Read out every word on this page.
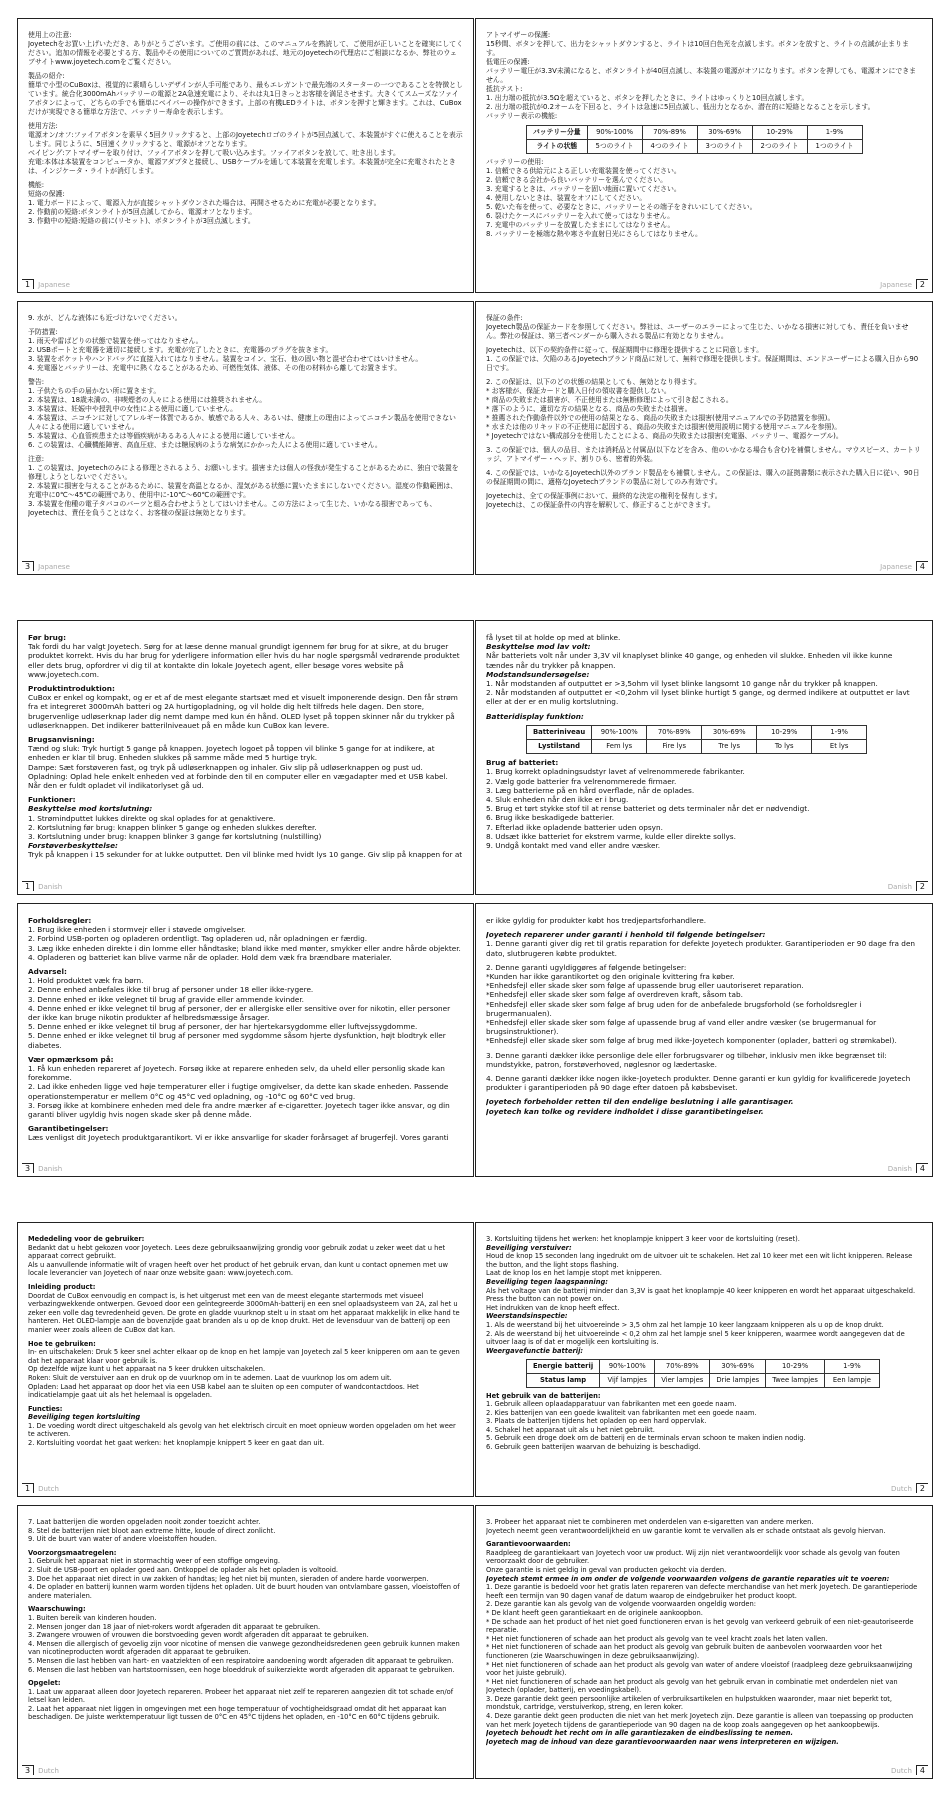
使用上の注意:
Joyetechをお買い上げいただき、ありがとうございます。ご使用の前には、このマニュアルを熟読して、ご使用が正しいことを確実にしてください。追加の情報を必要とする方、製品やその使用についてのご質問があれば、地元のJoyetechの代理店にご相談になるか、弊社のウェブサイトwww.joyetech.comをご覧ください。
製品の紹介:
簡単で小型のCuBoxは、視覚的に素晴らしいデザインが人手可能であり、最もエレガントで最先端のスターターの一つであることを特徴としています。統合化3000mAhバッテリーの電源と2A急速充電により、それは丸1日きっとお客様を満足させます。大きくてスムーズなファイアボタンによって、どちらの手でも簡単にベイパーの操作ができます。上部の有機LEDライトは、ボタンを押すと輝きます。これは、CuBoxだけが実現できる簡単な方法で、バッテリー寿命を表示します。
使用方法:
電源オン/オフ:ファイアボタンを素早く5回クリックすると、上部のJoyetechロゴのライトが5回点滅して、本装置がすぐに使えることを表示します。同じように、5回速くクリックすると、電源がオフとなります。
ベイピング:アトマイザーを取り付け、ファイアボタンを押して吸い込みます。ファイアボタンを放して、吐き出します。
充電:本体は本装置をコンピュータか、電源アダプタと接続し、USBケーブルを通して本装置を充電します。本装置が完全に充電されたときは、インジケータ・ライトが消灯します。
機能:
短絡の保護:
1. 電力ボードによって、電源入力が直接シャットダウンされた場合は、再開させるために充電が必要となります。
2. 作動前の短絡:ボタンライトが5回点滅してから、電源オフとなります。
3. 作動中の短絡:短絡の前に(リセット)、ボタンライトが3回点滅します。
1 Japanese
アトマイザーの保護:
15秒間、ボタンを押して、出力をシャットダウンすると、ライトは10回白色光を点滅します。ボタンを放すと、ライトの点滅が止まります。
低電圧の保護:
バッテリー電圧が3.3V未満になると、ボタンライトが40回点滅し、本装置の電源がオフになります。ボタンを押しても、電源オンにできません。
抵抗テスト:
1. 出力端の抵抗が3.5Ωを超えていると、ボタンを押したときに、ライトはゆっくりと10回点滅します。
2. 出力端の抵抗が0.2オームを下回ると、ライトは急速に5回点滅し、低出力となるか、潜在的に短絡となることを示します。
バッテリー表示の機能:
バッテリー分量	90%-100%	70%-89%	30%-69%	10-29%	1-9%
ライトの状態	5つのライト	4つのライト	3つのライト	2つのライト	1つのライト
バッテリーの使用:
1. 信頼できる供給元による正しい充電装置を使ってください。
2. 信頼できる会社から良いバッテリーを選んでください。
3. 充電するときは、バッテリーを固い地面に置いてください。
4. 使用しないときは、装置をオフにしてください。
5. 乾いた布を使って、必要なときに、バッテリーとその端子をきれいにしてください。
6. 裂けたケースにバッテリーを入れて使ってはなりません。
7. 充電中のバッテリーを放置したままにしてはなりません。
8. バッテリーを極端な熱や寒さや直射日光にさらしてはなりません。
Japanese 2
9. 水が、どんな液体にも近づけないでください。
予防措置:
1. 雨天や雷ばどりの状態で装置を使ってはなりません。
2. USBポートと充電器を適切に接続します。充電が完了したときに、充電器のプラグを抜きます。
3. 装置をポケットやハンドバッグに直接入れてはなりません。装置をコイン、宝石、他の固い物と混ぜ合わせてはいけません。
4. 充電器とバッテリーは、充電中に熱くなることがあるため、可燃性気体、液体、その他の材料から離してお置きます。
警告:
1. 子供たちの手の届かない所に置きます。
2. 本装置は、18歳未満の、非喫煙者の人々による使用には推奨されません。
3. 本装置は、妊娠中や授乳中の女性による使用に適していません。
4. 本装置は、ニコチンに対してアレルギー体質であるか、敏感である人々、あるいは、健康上の理由によってニコチン製品を使用できない人々による使用に適していません。
5. 本装置は、心血管疾患または等価疾病があるある人々による使用に適していません。
6. この装置は、心臓機能障害、高血圧症、または糖尿病のような病気にかかった人による使用に適していません。
注意:
1. この装置は、Joyetechのみによる修理とされるよう、お願いします。損害または個人の怪我が発生することがあるために、独自で装置を修理しようとしないでください。
2. 本装置に損害を与えることがあるために、装置を高温となるか、湿気がある状態に置いたままにしないでください。湿度の作動範囲は、充電中に0℃〜45℃の範囲であり、使用中に-10℃〜60℃の範囲です。
3. 本装置を他種の電子タバコのバーツと組み合わせようとしてはいけません。この方法によって生じた、いかなる損害であっても、Joyetechは、責任を負うことはなく、お客様の保証は無効となります。
3 Japanese
保証の条件:
Joyetech製品の保証カードを参照してください。弊社は、ユーザーのエラーによって生じた、いかなる損害に対しても、責任を負いません。弊社の保証は、第三者ベンダーから購入される製品に有効となりません。
Joyetechは、以下の契約条件に従って、保証期間中に修理を提供することに同意します。
1. この保証では、欠陥のあるJoyetechブランド商品に対して、無料で修理を提供します。保証期間は、エンドユーザーによる購入日から90日です。
2. この保証は、以下のどの状態の結果としても、無効となり得ます。
* お客様が、保証カードと購入日付の領収書を提供しない。
* 商品の失敗または損害が、不正使用または無断修理によって引き起こされる。
* 落下のように、適切な方の結果となる、商品の失敗または損害。
* 推薦された作動条件以外での使用の結果となる、商品の失敗または損害(使用マニュアルでの予防措置を参照)。
* 水または他のリキッドの不正使用に起因する、商品の失敗または損害(使用説明に関する使用マニュアルを参照)。
* Joyetechではない構成部分を使用したことによる、商品の失敗または損害(充電器、バッテリー、電源ケーブル)。
3. この保証では、個人の品目、または消耗品と付属品(以下などを含み、他のいかなる場合も含む)を補償しません。マウスピース、カートリッジ、アトマイザー・ヘッド、割りひも、密着的外装。
4. この保証では、いかなるJoyetech以外のブランド製品をも補償しません。この保証は、購入の証拠書類に表示された購入日に従い、90日の保証期間の間に、適格なJoyetechブランドの製品に対してのみ有効です。
Joyetechは、全ての保証事例において、最終的な決定の権利を保有します。
Joyetechは、この保証条件の内容を解釈して、修正することができます。
Japanese 4
Før brug:
Tak fordi du har valgt Joyetech. Sørg for at læse denne manual grundigt igennem før brug for at sikre, at du bruger produktet korrekt. Hvis du har brug for yderligere information eller hvis du har nogle spørgsmål vedrørende produktet eller dets brug, opfordrer vi dig til at kontakte din lokale Joyetech agent, eller besøge vores website på www.joyetech.com.
Produktintroduktion:
CuBox er enkel og kompakt, og er et af de mest elegante startsæt med et visuelt imponerende design. Den får strøm fra et integreret 3000mAh batteri og 2A hurtigopladning, og vil holde dig helt tilfreds hele dagen. Den store, brugervenlige udløserknap lader dig nemt dampe med kun én hånd. OLED lyset på toppen skinner når du trykker på udløserknappen. Det indikerer batterilniveauet på en måde kun CuBox kan levere.
Brugsanvisning:
Tænd og sluk: Tryk hurtigt 5 gange på knappen. Joyetech logoet på toppen vil blinke 5 gange for at indikere, at enheden er klar til brug. Enheden slukkes på samme måde med 5 hurtige tryk.
Dampe: Sæt forstøveren fast, og tryk på udløserknappen og inhaler. Giv slip på udløserknappen og pust ud.
Opladning: Oplad hele enkelt enheden ved at forbinde den til en computer eller en vægadapter med et USB kabel. Når den er fuldt opladet vil indikatorlyset gå ud.
Funktioner:
Beskyttelse mod kortslutning:
1. Strømindputtet lukkes direkte og skal oplades for at genaktivere.
2. Kortslutning før brug: knappen blinker 5 gange og enheden slukkes derefter.
3. Kortslutning under brug: knappen blinker 3 gange før kortslutning (nulstilling)
Forstøverbeskyttelse:
Tryk på knappen i 15 sekunder for at lukke outputtet. Den vil blinke med hvidt lys 10 gange. Giv slip på knappen for at
1 Danish
få lyset til at holde op med at blinke.
Beskyttelse mod lav volt:
Når batteriets volt når under 3,3V vil knaplyset blinke 40 gange, og enheden vil slukke. Enheden vil ikke kunne tændes når du trykker på knappen.
Modstandsundersøgelse:
1. Når modstanden af outputtet er >3,5ohm vil lyset blinke langsomt 10 gange når du trykker på knappen.
2. Når modstanden af outputtet er <0,2ohm vil lyset blinke hurtigt 5 gange, og dermed indikere at outputtet er lavt eller at der er en mulig kortslutning.
Batteridisplay funktion:
Batteriniveau	90%-100%	70%-89%	30%-69%	10-29%	1-9%
Lystilstand	Fem lys	Fire lys	Tre lys	To lys	Et lys
Brug af batteriet:
1. Brug korrekt opladningsudstyr lavet af velrenommerede fabrikanter.
2. Vælg gode batterier fra velrenommerede firmaer.
3. Læg batterierne på en hård overflade, når de oplades.
4. Sluk enheden når den ikke er i brug.
5. Brug et tørt stykke stof til at rense batteriet og dets terminaler når det er nødvendigt.
6. Brug ikke beskadigede batterier.
7. Efterlad ikke opladende batterier uden opsyn.
8. Udsæt ikke batteriet for ekstrem varme, kulde eller direkte sollys.
9. Undgå kontakt med vand eller andre væsker.
Danish 2
Forholdsregler:
1. Brug ikke enheden i stormvejr eller i støvede omgivelser.
2. Forbind USB-porten og opladeren ordentligt. Tag opladeren ud, når opladningen er færdig.
3. Læg ikke enheden direkte i din lomme eller håndtaske; bland ikke med mønter, smykker eller andre hårde objekter.
4. Opladeren og batteriet kan blive varme når de oplader. Hold dem væk fra brændbare materialer.
Advarsel:
1. Hold produktet væk fra børn.
2. Denne enhed anbefales ikke til brug af personer under 18 eller ikke-rygere.
3. Denne enhed er ikke velegnet til brug af gravide eller ammende kvinder.
4. Denne enhed er ikke velegnet til brug af personer, der er allergiske eller sensitive over for nikotin, eller personer der ikke kan bruge nikotin produkter af helbredsmæssige årsager.
5. Denne enhed er ikke velegnet til brug af personer, der har hjertekarsygdomme eller luftvejssygdomme.
5. Denne enhed er ikke velegnet til brug af personer med sygdomme såsom hjerte dysfunktion, højt blodtryk eller diabetes.
Vær opmærksom på:
1. Få kun enheden repareret af Joyetech. Forsøg ikke at reparere enheden selv, da uheld eller personlig skade kan forekomme.
2. Lad ikke enheden ligge ved høje temperaturer eller i fugtige omgivelser, da dette kan skade enheden. Passende operationstemperatur er mellem 0°C og 45°C ved opladning, og -10°C og 60°C ved brug.
3. Forsøg ikke at kombinere enheden med dele fra andre mærker af e-cigaretter. Joyetech tager ikke ansvar, og din garanti bliver ugyldig hvis nogen skade sker på denne måde.
Garantibetingelser:
Læs venligst dit Joyetech produktgarantikort. Vi er ikke ansvarlige for skader forårsaget af brugerfejl. Vores garanti
3 Danish
er ikke gyldig for produkter købt hos tredjepartsforhandlere.
Joyetech reparerer under garanti i henhold til følgende betingelser:
1. Denne garanti giver dig ret til gratis reparation for defekte Joyetech produkter. Garantiperioden er 90 dage fra den dato, slutbrugeren købte produktet.
2. Denne garanti ugyldiggøres af følgende betingelser:
*Kunden har ikke garantikortet og den originale kvittering fra køber.
*Enhedsfejl eller skade sker som følge af upassende brug eller uautoriseret reparation.
*Enhedsfejl eller skade sker som følge af overdreven kraft, såsom tab.
*Enhedsfejl eller skade sker som følge af brug uden for de anbefalede brugsforhold (se forholdsregler i brugermanualen).
*Enhedsfejl eller skade sker som følge af upassende brug af vand eller andre væsker (se brugermanual for brugsinstruktioner).
*Enhedsfejl eller skade sker som følge af brug med ikke-Joyetech komponenter (oplader, batteri og strømkabel).
3. Denne garanti dækker ikke personlige dele eller forbrugsvarer og tilbehør, inklusiv men ikke begrænset til: mundstykke, patron, forstøverhoved, nøglesnor og lædertaske.
4. Denne garanti dækker ikke nogen ikke-Joyetech produkter. Denne garanti er kun gyldig for kvalificerede Joyetech produkter i garantiperioden på 90 dage efter datoen på købsbeviset.
Joyetech forbeholder retten til den endelige beslutning i alle garantisager.
Joyetech kan tolke og revidere indholdet i disse garantibetingelser.
Danish 4
Mededeling voor de gebruiker:
Bedankt dat u hebt gekozen voor Joyetech. Lees deze gebruiksaanwijzing grondig voor gebruik zodat u zeker weet dat u het apparaat correct gebruikt.
Als u aanvullende informatie wilt of vragen heeft over het product of het gebruik ervan, dan kunt u contact opnemen met uw locale leverancier van Joyetech of naar onze website gaan: www.joyetech.com.
Inleiding product:
Doordat de CuBox eenvoudig en compact is, is het uitgerust met een van de meest elegante startermods met visueel verbazingwekkende ontwerpen. Gevoed door een geïntegreerde 3000mAh-batterij en een snel oplaadsysteem van 2A, zal het u zeker een volle dag tevredenheid geven. De grote en gladde vuurknop stelt u in staat om het apparaat makkelijk in elke hand te hanteren. Het OLED-lampje aan de bovenzijde gaat branden als u op de knop drukt. Het de levensduur van de batterij op een manier weer zoals alleen de CuBox dat kan.
Hoe te gebruiken:
In- en uitschakelen: Druk 5 keer snel achter elkaar op de knop en het lampje van Joyetech zal 5 keer knipperen om aan te geven dat het apparaat klaar voor gebruik is.
Op dezelfde wijze kunt u het apparaat na 5 keer drukken uitschakelen.
Roken: Sluit de verstuiver aan en druk op de vuurknop om in te ademen. Laat de vuurknop los om adem uit.
Opladen: Laad het apparaat op door het via een USB kabel aan te sluiten op een computer of wandcontactdoos. Het indicatielampje gaat uit als het helemaal is opgeladen.
Functies:
Beveiliging tegen kortsluiting
1. De voeding wordt direct uitgeschakeld als gevolg van het elektrisch circuit en moet opnieuw worden opgeladen om het weer te activeren.
2. Kortsluiting voordat het gaat werken: het knoplampje knippert 5 keer en gaat dan uit.
1 Dutch
3. Kortsluiting tijdens het werken: het knoplampje knippert 3 keer voor de kortsluiting (reset).
Beveiliging verstuiver:
Houd de knop 15 seconden lang ingedrukt om de uitvoer uit te schakelen. Het zal 10 keer met een wit licht knipperen. Release the button, and the light stops flashing.
Laat de knop los en het lampje stopt met knipperen.
Beveiliging tegen laagspanning:
Als het voltage van de batterij minder dan 3,3V is gaat het knoplampje 40 keer knipperen en wordt het apparaat uitgeschakeld. Press the button can not power on.
Het indrukken van de knop heeft effect.
Weerstandsinspectie:
1. Als de weerstand bij het uitvoereinde > 3,5 ohm zal het lampje 10 keer langzaam knipperen als u op de knop drukt.
2. Als de weerstand bij het uitvoereinde < 0,2 ohm zal het lampje snel 5 keer knipperen, waarmee wordt aangegeven dat de uitvoer laag is of dat er mogelijk een kortsluiting is.
Weergavefunctie batterij:
Energie batterij	90%-100%	70%-89%	30%-69%	10-29%	1-9%
Status lamp	Vijf lampjes	Vier lampjes	Drie lampjes	Twee lampjes	Een lampje
Het gebruik van de batterijen:
1. Gebruik alleen oplaadapparatuur van fabrikanten met een goede naam.
2. Kies batterijen van een goede kwaliteit van fabrikanten met een goede naam.
3. Plaats de batterijen tijdens het opladen op een hard oppervlak.
4. Schakel het apparaat uit als u het niet gebruikt.
5. Gebruik een droge doek om de batterij en de terminals ervan schoon te maken indien nodig.
6. Gebruik geen batterijen waarvan de behuizing is beschadigd.
Dutch 2
7. Laat batterijen die worden opgeladen nooit zonder toezicht achter.
8. Stel de batterijen niet bloot aan extreme hitte, koude of direct zonlicht.
9. Uit de buurt van water of andere vloeistoffen houden.
Voorzorgsmaatregelen:
1. Gebruik het apparaat niet in stormachtig weer of een stoffige omgeving.
2. Sluit de USB-poort en oplader goed aan. Ontkoppel de oplader als het opladen is voltooid.
3. Doe het apparaat niet direct in uw zakken of handtas; leg het niet bij munten, sieraden of andere harde voorwerpen.
4. De oplader en batterij kunnen warm worden tijdens het opladen. Uit de buurt houden van ontvlambare gassen, vloeistoffen of andere materialen.
Waarschuwing:
1. Buiten bereik van kinderen houden.
2. Mensen jonger dan 18 jaar of niet-rokers wordt afgeraden dit apparaat te gebruiken.
3. Zwangere vrouwen of vrouwen die borstvoeding geven wordt afgeraden dit apparaat te gebruiken.
4. Mensen die allergisch of gevoelig zijn voor nicotine of mensen die vanwege gezondheidsredenen geen gebruik kunnen maken van nicotineproducten wordt afgeraden dit apparaat te gebruiken.
5. Mensen die last hebben van hart- en vaatziekten of een respiratoire aandoening wordt afgeraden dit apparaat te gebruiken.
6. Mensen die last hebben van hartstoornissen, een hoge bloeddruk of suikerziekte wordt afgeraden dit apparaat te gebruiken.
Opgelet:
1. Laat uw apparaat alleen door Joyetech repareren. Probeer het apparaat niet zelf te repareren aangezien dit tot schade en/of letsel kan leiden.
2. Laat het apparaat niet liggen in omgevingen met een hoge temperatuur of vochtigheidsgraad omdat dit het apparaat kan beschadigen. De juiste werktemperatuur ligt tussen de 0°C en 45°C tijdens het opladen, en -10°C en 60°C tijdens gebruik.
3 Dutch
3. Probeer het apparaat niet te combineren met onderdelen van e-sigaretten van andere merken.
Joyetech neemt geen verantwoordelijkheid en uw garantie komt te vervallen als er schade ontstaat als gevolg hiervan.
Garantievoorwaarden:
Raadpleeg de garantiekaart van Joyetech voor uw product. Wij zijn niet verantwoordelijk voor schade als gevolg van fouten veroorzaakt door de gebruiker.
Onze garantie is niet geldig in geval van producten gekocht via derden.
Joyetech stemt ermee in om onder de volgende voorwaarden volgens de garantie reparaties uit te voeren:
1. Deze garantie is bedoeld voor het gratis laten repareren van defecte merchandise van het merk Joyetech. De garantieperiode heeft een termijn van 90 dagen vanaf de datum waarop de eindgebruiker het product koopt.
2. Deze garantie kan als gevolg van de volgende voorwaarden ongeldig worden:
* De klant heeft geen garantiekaart en de originele aankoopbon.
* De schade aan het product of het niet goed functioneren ervan is het gevolg van verkeerd gebruik of een niet-geautoriseerde reparatie.
* Het niet functioneren of schade aan het product als gevolg van te veel kracht zoals het laten vallen.
* Het niet functioneren of schade aan het product als gevolg van gebruik buiten de aanbevolen voorwaarden voor het functioneren (zie Waarschuwingen in deze gebruiksaanwijzing).
* Het niet functioneren of schade aan het product als gevolg van water of andere vloeistof (raadpleeg deze gebruiksaanwijzing voor het juiste gebruik).
* Het niet functioneren of schade aan het product als gevolg van het gebruik ervan in combinatie met onderdelen niet van Joyetech (oplader, batterij, en voedingskabel).
3. Deze garantie dekt geen persoonlijke artikelen of verbruiksartikelen en hulpstukken waaronder, maar niet beperkt tot, mondstuk, cartridge, verstuiverkop, streng, en leren koker.
4. Deze garantie dekt geen producten die niet van het merk Joyetech zijn. Deze garantie is alleen van toepassing op producten van het merk Joyetech tijdens de garantieperiode van 90 dagen na de koop zoals aangegeven op het aankoopbewijs.
Joyetech behoudt het recht om in alle garantiezaken de eindbeslissing te nemen.
Joyetech mag de inhoud van deze garantievoorwaarden naar wens interpreteren en wijzigen.
Dutch 4
